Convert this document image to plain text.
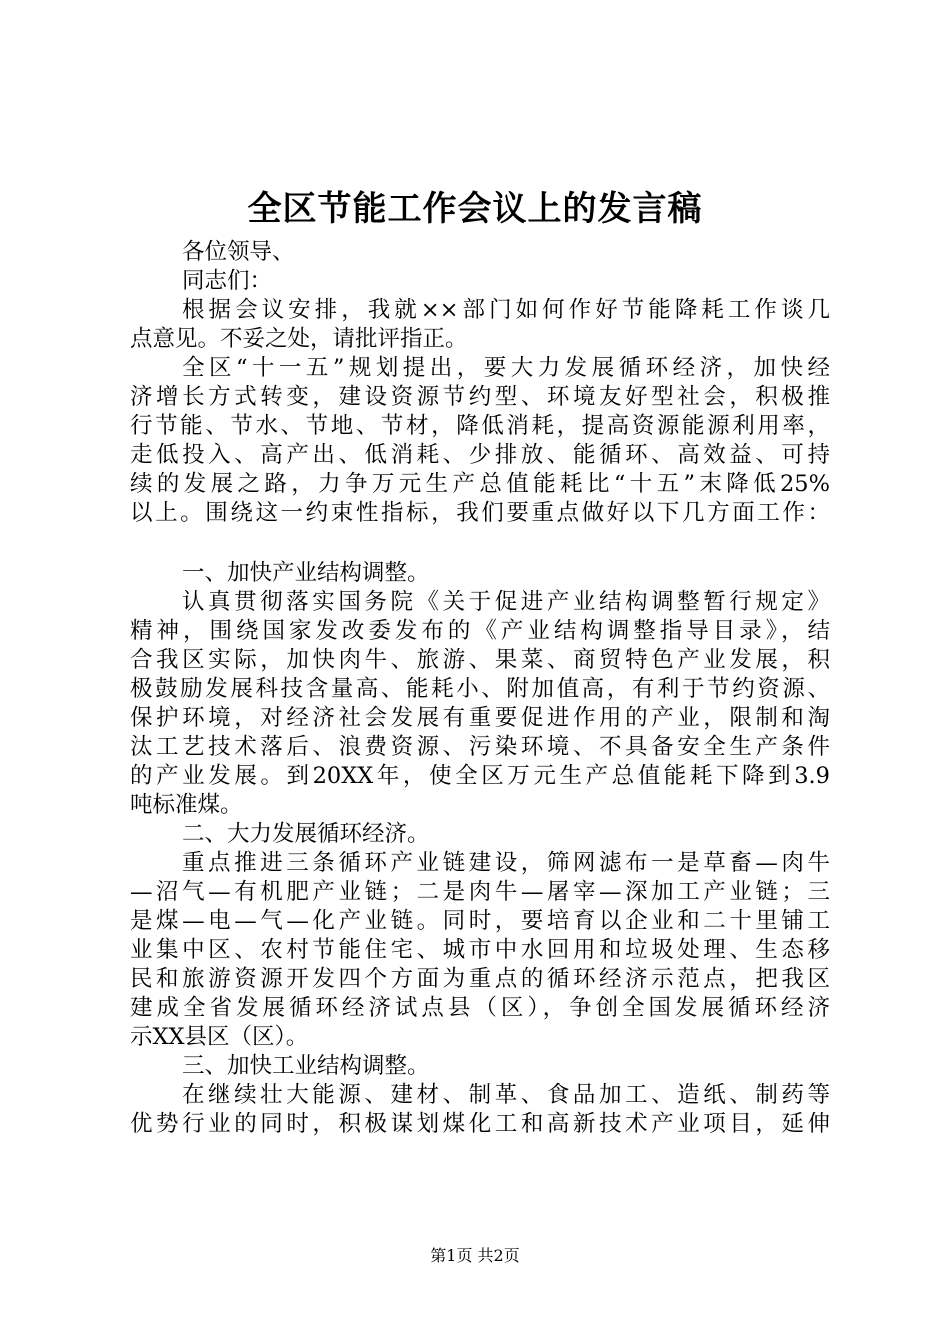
全区节能工作会议上的发言稿
各位领导、
同志们：
根据会议安排，我就××部门如何作好节能降耗工作谈几
点意见。不妥之处，请批评指正。
全区“十一五”规划提出，要大力发展循环经济，加快经
济增长方式转变，建设资源节约型、环境友好型社会，积极推
行节能、节水、节地、节材，降低消耗，提高资源能源利用率，
走低投入、高产出、低消耗、少排放、能循环、高效益、可持
续的发展之路，力争万元生产总值能耗比“十五”末降低25%
以上。围绕这一约束性指标，我们要重点做好以下几方面工作：
一、加快产业结构调整。
认真贯彻落实国务院《关于促进产业结构调整暂行规定》
精神，围绕国家发改委发布的《产业结构调整指导目录》，结
合我区实际，加快肉牛、旅游、果菜、商贸特色产业发展，积
极鼓励发展科技含量高、能耗小、附加值高，有利于节约资源、
保护环境，对经济社会发展有重要促进作用的产业，限制和淘
汰工艺技术落后、浪费资源、污染环境、不具备安全生产条件
的产业发展。到20XX年，使全区万元生产总值能耗下降到3.9
吨标准煤。
二、大力发展循环经济。
重点推进三条循环产业链建设，筛网滤布一是草畜—肉牛
—沼气—有机肥产业链；二是肉牛—屠宰—深加工产业链；三
是煤—电—气—化产业链。同时，要培育以企业和二十里铺工
业集中区、农村节能住宅、城市中水回用和垃圾处理、生态移
民和旅游资源开发四个方面为重点的循环经济示范点，把我区
建成全省发展循环经济试点县（区），争创全国发展循环经济
示XX县区（区）。
三、加快工业结构调整。
在继续壮大能源、建材、制革、食品加工、造纸、制药等
优势行业的同时，积极谋划煤化工和高新技术产业项目，延伸
第1页 共2页
